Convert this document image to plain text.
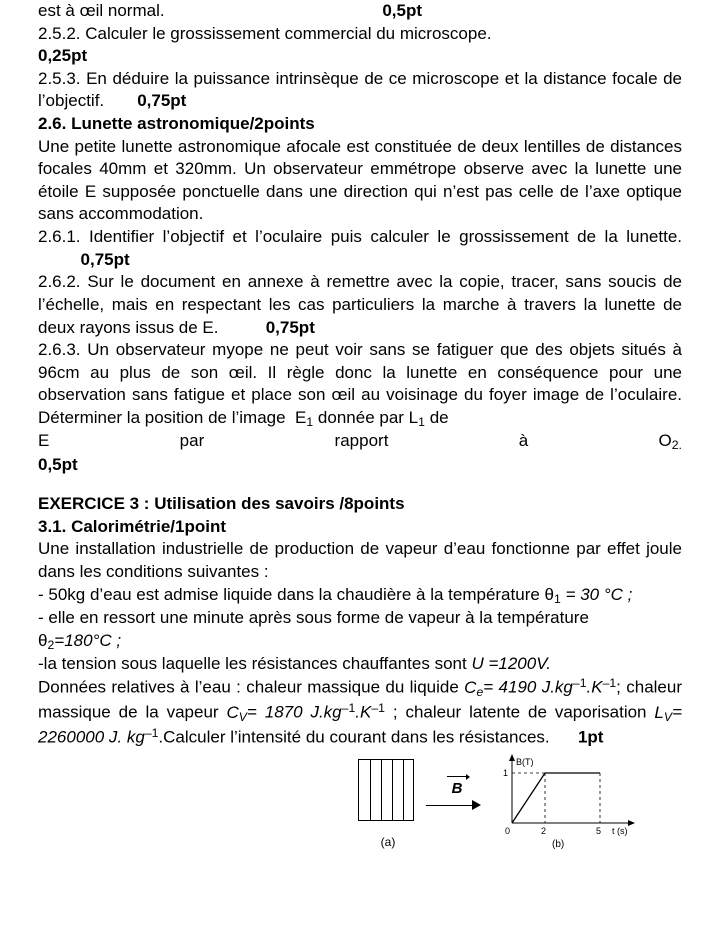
est à œil normal.	0,5pt

2.5.2. Calculer le grossissement commercial du microscope.

0,25pt

2.5.3. En déduire la puissance intrinsèque de ce microscope et la distance focale de l’objectif. 0,75pt

2.6. Lunette astronomique/2points

Une petite lunette astronomique afocale est constituée de deux lentilles de distances focales 40mm et 320mm. Un observateur emmétrope observe avec la lunette une étoile E supposée ponctuelle dans une direction qui n’est pas celle de l’axe optique sans accommodation.

2.6.1. Identifier l’objectif et l’oculaire puis calculer le grossissement de la lunette.          0,75pt

2.6.2. Sur le document en annexe à remettre avec la copie, tracer, sans soucis de l’échelle, mais en respectant les cas particuliers la marche à travers la lunette de deux rayons issus de E.	0,75pt

2.6.3. Un observateur myope ne peut voir sans se fatiguer que des objets situés à 96cm au plus de son œil. Il règle donc la lunette en conséquence pour une observation sans fatigue et place son œil au voisinage du foyer image de l’oculaire. Déterminer la position de l’image $E_1$ donnée par $L_1$ de

E	par	rapport	à	$O_{2.}$

0,5pt

EXERCICE 3 : Utilisation des savoirs /8points

3.1. Calorimétrie/1point

Une installation industrielle de production de vapeur d’eau fonctionne par effet joule dans les conditions suivantes :

- 50kg d’eau est admise liquide dans la chaudière à la température $\theta_1 = 30$ °C ;

- elle en ressort une minute après sous forme de vapeur à la température
$\theta_2=180^\circ C$ ;

-la tension sous laquelle les résistances chauffantes sont U =1200V.

Données relatives à l’eau : chaleur massique du liquide $C_e= 4190$ $J.kg^{-1}.K^{-1}$; chaleur massique de la vapeur $C_V= 1870$ $J.kg^{-1}.K^{-1}$ ; chaleur latente de vaporisation $L_V= 2260000$ J. $kg^{-1}.Calculer$ l’intensité du courant dans les résistances. 1pt

(a)
B
B(T)
1
0	2	5 t (s)
(b)
